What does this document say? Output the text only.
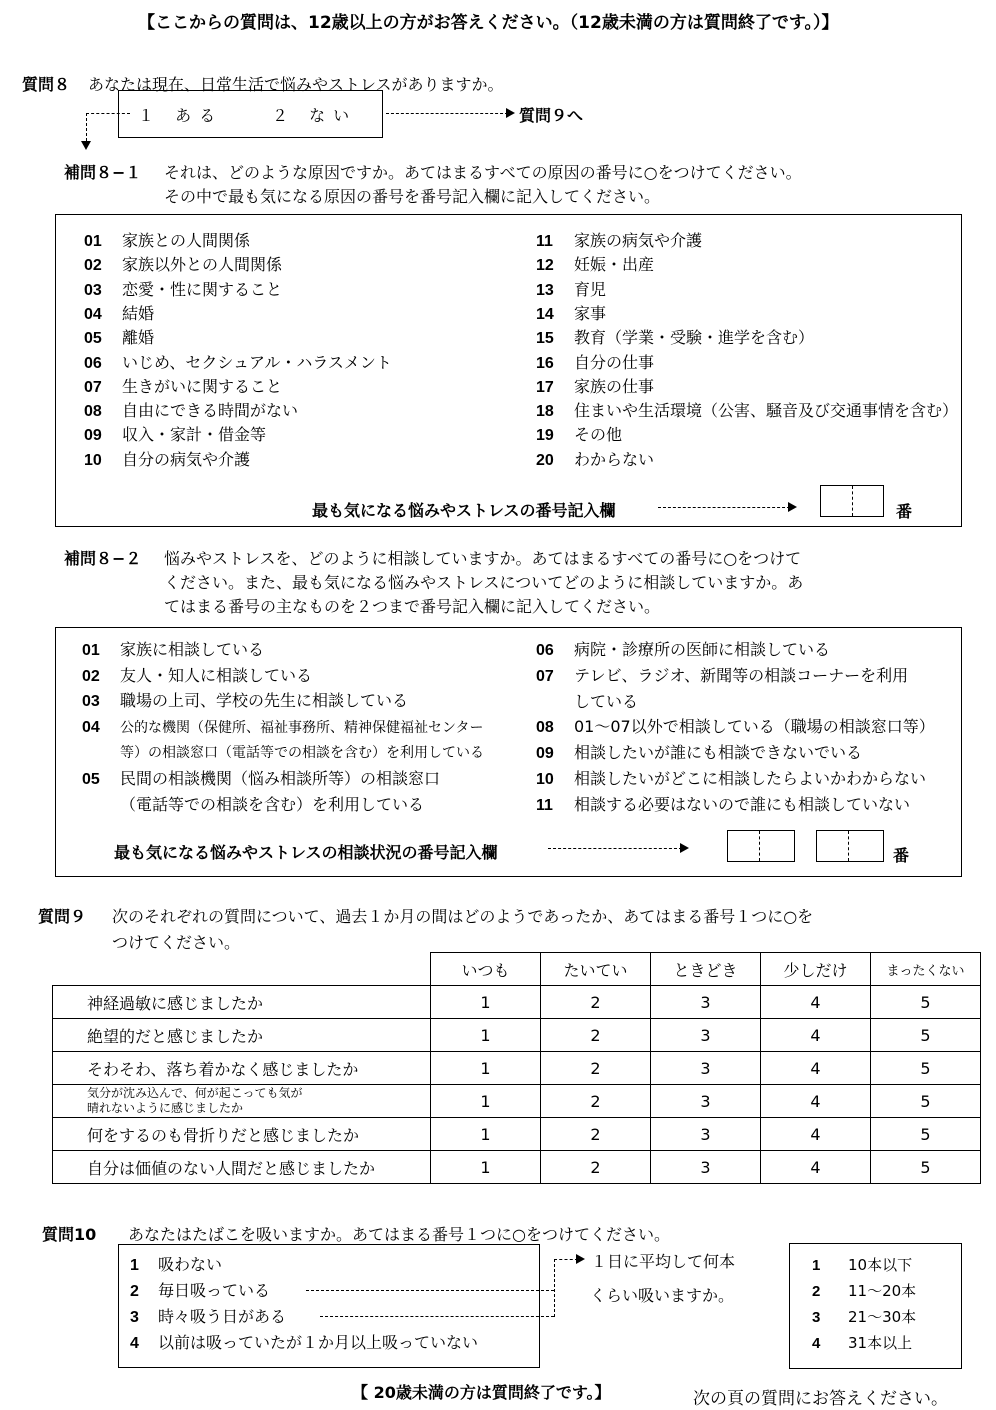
【ここからの質問は、12歳以上の方がお答えください。（12歳未満の方は質問終了です。）】
質問８ あなたは現在、日常生活で悩みやストレスがありますか。
１ ある	２ ない	質問９へ
補問８−１ それは、どのような原因ですか。あてはまるすべての原因の番号に○をつけてください。
その中で最も気になる原因の番号を番号記入欄に記入してください。
01 家族との人間関係
02 家族以外との人間関係
03 恋愛・性に関すること
04 結婚
05 離婚
06 いじめ、セクシュアル・ハラスメント
07 生きがいに関すること
08 自由にできる時間がない
09 収入・家計・借金等
10 自分の病気や介護
11 家族の病気や介護
12 妊娠・出産
13 育児
14 家事
15 教育（学業・受験・進学を含む）
16 自分の仕事
17 家族の仕事
18 住まいや生活環境（公害、騒音及び交通事情を含む）
19 その他
20 わからない
最も気になる悩みやストレスの番号記入欄	番
補問８−２ 悩みやストレスを、どのように相談していますか。あてはまるすべての番号に○をつけて
ください。また、最も気になる悩みやストレスについてどのように相談していますか。あ
てはまる番号の主なものを２つまで番号記入欄に記入してください。
01 家族に相談している
02 友人・知人に相談している
03 職場の上司、学校の先生に相談している
04 公的な機関（保健所、福祉事務所、精神保健福祉センター
等）の相談窓口（電話等での相談を含む）を利用している
05 民間の相談機関（悩み相談所等）の相談窓口
（電話等での相談を含む）を利用している
06 病院・診療所の医師に相談している
07 テレビ、ラジオ、新聞等の相談コーナーを利用
している
08 01〜07以外で相談している（職場の相談窓口等）
09 相談したいが誰にも相談できないでいる
10 相談したいがどこに相談したらよいかわからない
11 相談する必要はないので誰にも相談していない
最も気になる悩みやストレスの相談状況の番号記入欄	番
質問９ 次のそれぞれの質問について、過去１か月の間はどのようであったか、あてはまる番号１つに○を
つけてください。
	いつも	たいてい	ときどき	少しだけ	まったくない
神経過敏に感じましたか	1	2	3	4	5
絶望的だと感じましたか	1	2	3	4	5
そわそわ、落ち着かなく感じましたか	1	2	3	4	5
気分が沈み込んで、何が起こっても気が
晴れないように感じましたか	1	2	3	4	5
何をするのも骨折りだと感じましたか	1	2	3	4	5
自分は価値のない人間だと感じましたか	1	2	3	4	5
質問10 あなたはたばこを吸いますか。あてはまる番号１つに○をつけてください。
1 吸わない
2 毎日吸っている
3 時々吸う日がある
4 以前は吸っていたが１か月以上吸っていない
１日に平均して何本
くらい吸いますか。
1 10本以下
2 11〜20本
3 21〜30本
4 31本以上
【 20歳未満の方は質問終了です。】	次の頁の質問にお答えください。
